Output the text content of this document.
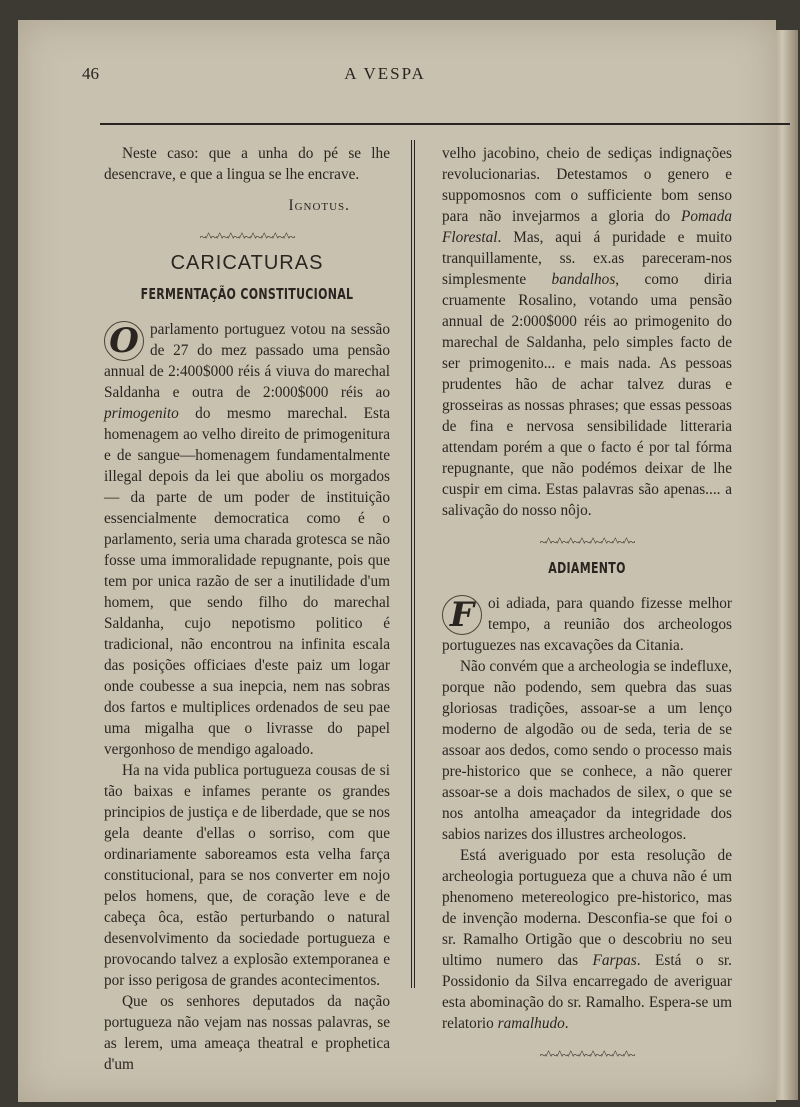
46	A VESPA

Neste caso: que a unha do pé se lhe desencrave, e que a lingua se lhe encrave.

Ignotus.

~^~^~^~^~^~^~^~^~
CARICATURAS
FERMENTAÇÃO CONSTITUCIONAL

O parlamento portuguez votou na sessão de 27 do mez passado uma pensão annual de 2:400$000 réis á viuva do marechal Saldanha e outra de 2:000$000 réis ao primogenito do mesmo marechal. Esta homenagem ao velho direito de primogenitura e de sangue—homenagem fundamentalmente illegal depois da lei que aboliu os morgados — da parte de um poder de instituição essencialmente democratica como é o parlamento, seria uma charada grotesca se não fosse uma immoralidade repugnante, pois que tem por unica razão de ser a inutilidade d'um homem, que sendo filho do marechal Saldanha, cujo nepotismo politico é tradicional, não encontrou na infinita escala das posições officiaes d'este paiz um logar onde coubesse a sua inepcia, nem nas sobras dos fartos e multiplices ordenados de seu pae uma migalha que o livrasse do papel vergonhoso de mendigo agaloado.

Ha na vida publica portugueza cousas de si tão baixas e infames perante os grandes principios de justiça e de liberdade, que se nos gela deante d'ellas o sorriso, com que ordinariamente saboreamos esta velha farça constitucional, para se nos converter em nojo pelos homens, que, de coração leve e de cabeça ôca, estão perturbando o natural desenvolvimento da sociedade portugueza e provocando talvez a explosão extemporanea e por isso perigosa de grandes acontecimentos.

Que os senhores deputados da nação portugueza não vejam nas nossas palavras, se as lerem, uma ameaça theatral e prophetica d'um

velho jacobino, cheio de sediças indignações revolucionarias. Detestamos o genero e suppomosnos com o sufficiente bom senso para não invejarmos a gloria do Pomada Florestal. Mas, aqui á puridade e muito tranquillamente, ss. ex.as pareceram-nos simplesmente bandalhos, como diria cruamente Rosalino, votando uma pensão annual de 2:000$000 réis ao primogenito do marechal de Saldanha, pelo simples facto de ser primogenito... e mais nada. As pessoas prudentes hão de achar talvez duras e grosseiras as nossas phrases; que essas pessoas de fina e nervosa sensibilidade litteraria attendam porém a que o facto é por tal fórma repugnante, que não podémos deixar de lhe cuspir em cima. Estas palavras são apenas.... a salivação do nosso nôjo.

~^~^~^~^~^~^~^~^~
ADIAMENTO

F oi adiada, para quando fizesse melhor tempo, a reunião dos archeologos portuguezes nas excavações da Citania.

Não convém que a archeologia se indefluxe, porque não podendo, sem quebra das suas gloriosas tradições, assoar-se a um lenço moderno de algodão ou de seda, teria de se assoar aos dedos, como sendo o processo mais pre-historico que se conhece, a não querer assoar-se a dois machados de silex, o que se nos antolha ameaçador da integridade dos sabios narizes dos illustres archeologos.

Está averiguado por esta resolução de archeologia portugueza que a chuva não é um phenomeno metereologico pre-historico, mas de invenção moderna. Desconfia-se que foi o sr. Ramalho Ortigão que o descobriu no seu ultimo numero das Farpas. Está o sr. Possidonio da Silva encarregado de averiguar esta abominação do sr. Ramalho. Espera-se um relatorio ramalhudo.

~^~^~^~^~^~^~^~^~
